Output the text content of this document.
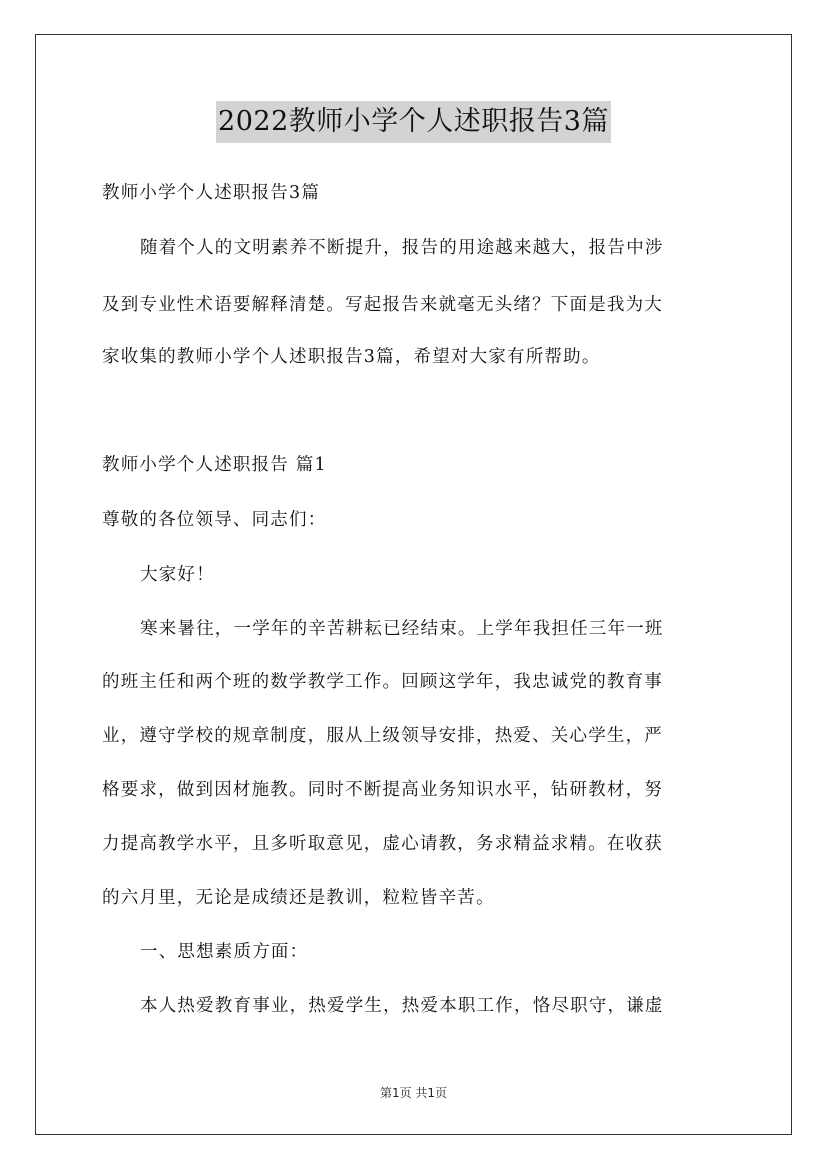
2022教师小学个人述职报告3篇

教师小学个人述职报告3篇

随着个人的文明素养不断提升，报告的用途越来越大，报告中涉

及到专业性术语要解释清楚。写起报告来就毫无头绪？下面是我为大

家收集的教师小学个人述职报告3篇，希望对大家有所帮助。

教师小学个人述职报告 篇1

尊敬的各位领导、同志们：

大家好！

寒来暑往，一学年的辛苦耕耘已经结束。上学年我担任三年一班

的班主任和两个班的数学教学工作。回顾这学年，我忠诚党的教育事

业，遵守学校的规章制度，服从上级领导安排，热爱、关心学生，严

格要求，做到因材施教。同时不断提高业务知识水平，钻研教材，努

力提高教学水平，且多听取意见，虚心请教，务求精益求精。在收获

的六月里，无论是成绩还是教训，粒粒皆辛苦。

一、思想素质方面：

本人热爱教育事业，热爱学生，热爱本职工作，恪尽职守，谦虚

第1页 共1页
